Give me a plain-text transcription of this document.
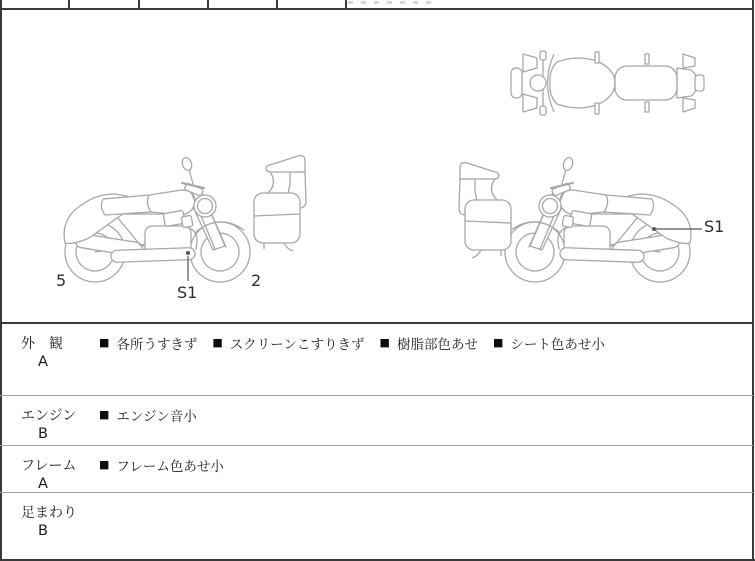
5
S1
2
S1
外　観
A
■ 各所うすきず ■ スクリーンこすりきず ■ 樹脂部色あせ ■ シート色あせ小
エンジン
B
■ エンジン音小
フレーム
A
■ フレーム色あせ小
足まわり
B
